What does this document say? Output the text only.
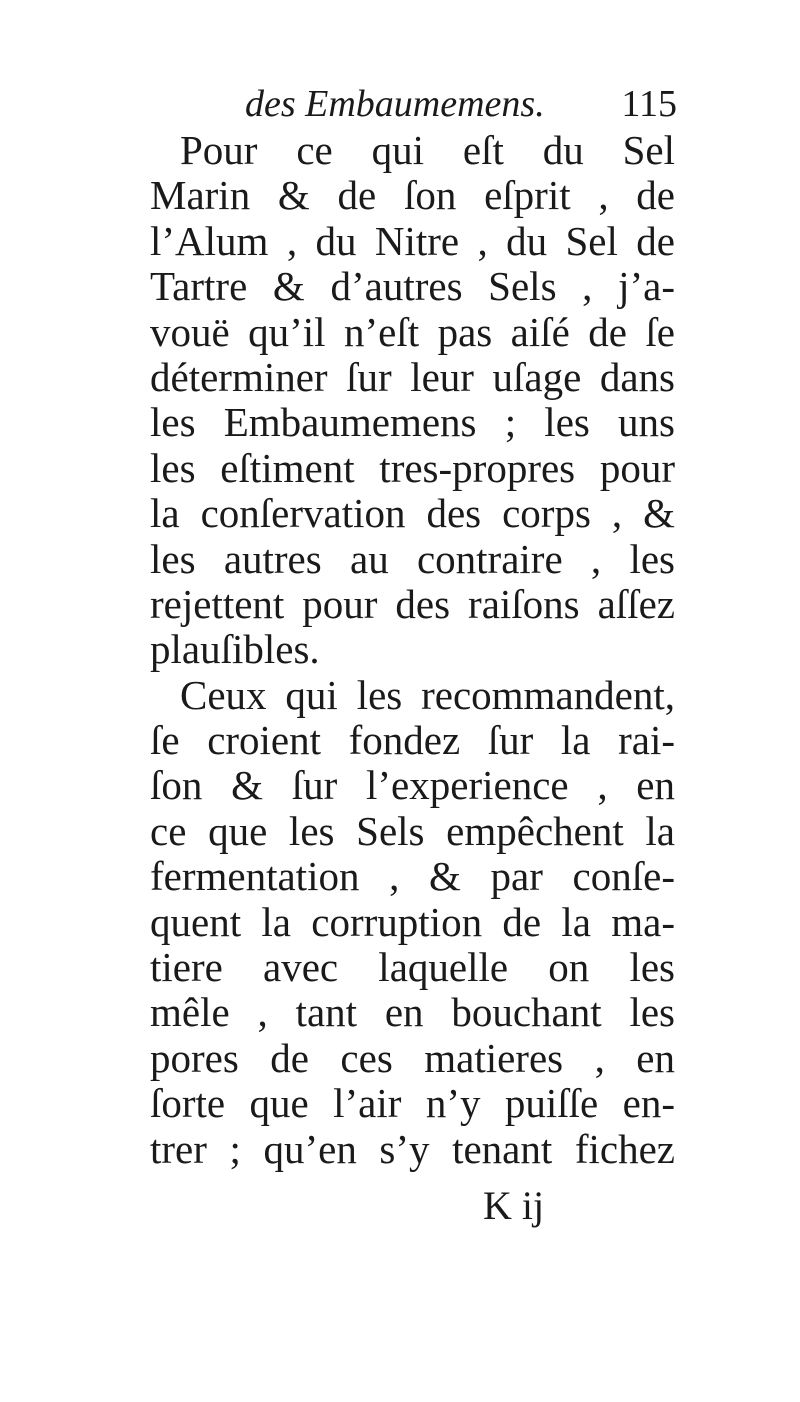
des Embaumemens. 115
Pour ce qui eſt du Sel
Marin & de ſon eſprit , de
l’Alum , du Nitre , du Sel de
Tartre & d’autres Sels , j’a-
vouë qu’il n’eſt pas aiſé de ſe
déterminer ſur leur uſage dans
les Embaumemens ; les uns
les eſtiment tres-propres pour
la conſervation des corps , &
les autres au contraire , les
rejettent pour des raiſons aſſez
plauſibles.
Ceux qui les recommandent,
ſe croient fondez ſur la rai-
ſon & ſur l’experience , en
ce que les Sels empêchent la
fermentation , & par conſe-
quent la corruption de la ma-
tiere avec laquelle on les
mêle , tant en bouchant les
pores de ces matieres , en
ſorte que l’air n’y puiſſe en-
trer ; qu’en s’y tenant fichez
K ij
